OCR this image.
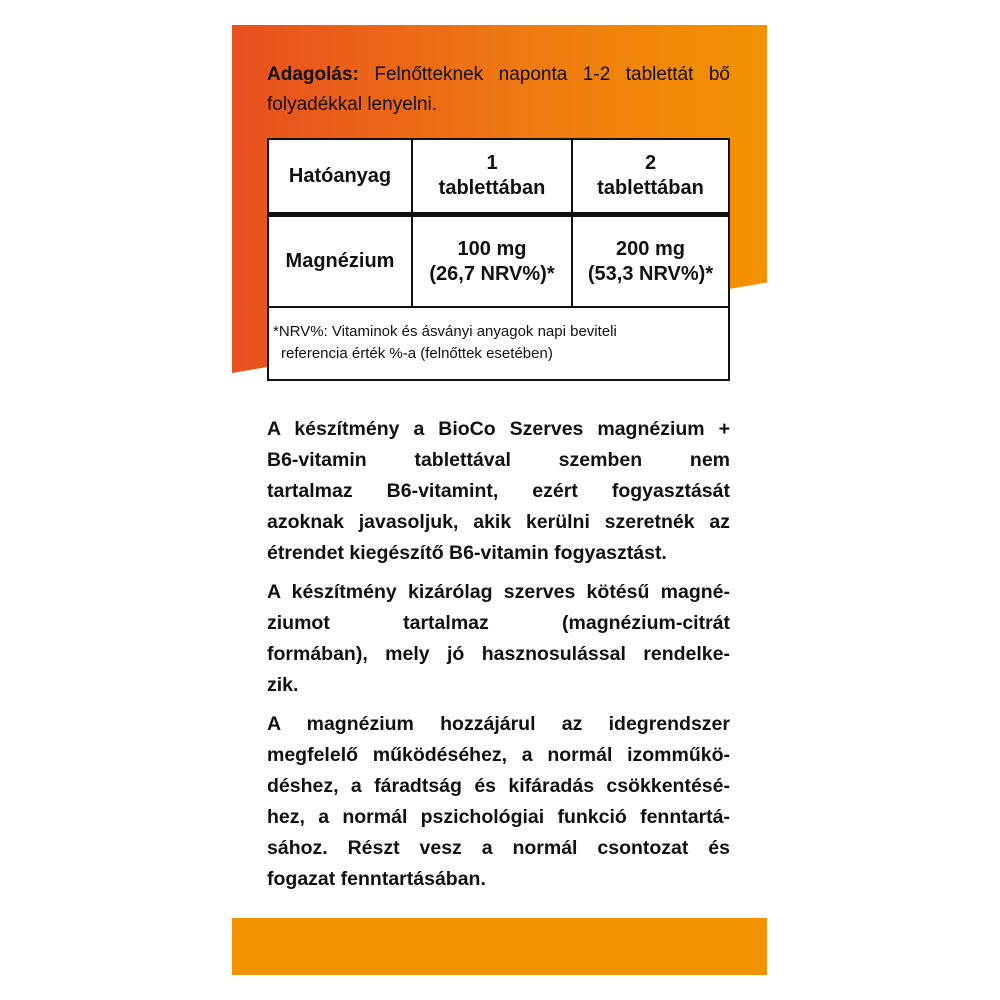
Adagolás: Felnőtteknek naponta 1-2 tablettát bő
folyadékkal lenyelni.
Hatóanyag
1
tablettában
2
tablettában
Magnézium
100 mg
(26,7 NRV%)*
200 mg
(53,3 NRV%)*
*NRV%: Vitaminok és ásványi anyagok napi beviteli
referencia érték %-a (felnőttek esetében)
A készítmény a BioCo Szerves magnézium +
B6-vitamin tablettával szemben nem
tartalmaz B6-vitamint, ezért fogyasztását
azoknak javasoljuk, akik kerülni szeretnék az
étrendet kiegészítő B6-vitamin fogyasztást.
A készítmény kizárólag szerves kötésű magné-
ziumot tartalmaz (magnézium-citrát
formában), mely jó hasznosulással rendelke-
zik.
A magnézium hozzájárul az idegrendszer
megfelelő működéséhez, a normál izomműkö-
déshez, a fáradtság és kifáradás csökkentésé-
hez, a normál pszichológiai funkció fenntartá-
sához. Részt vesz a normál csontozat és
fogazat fenntartásában.
